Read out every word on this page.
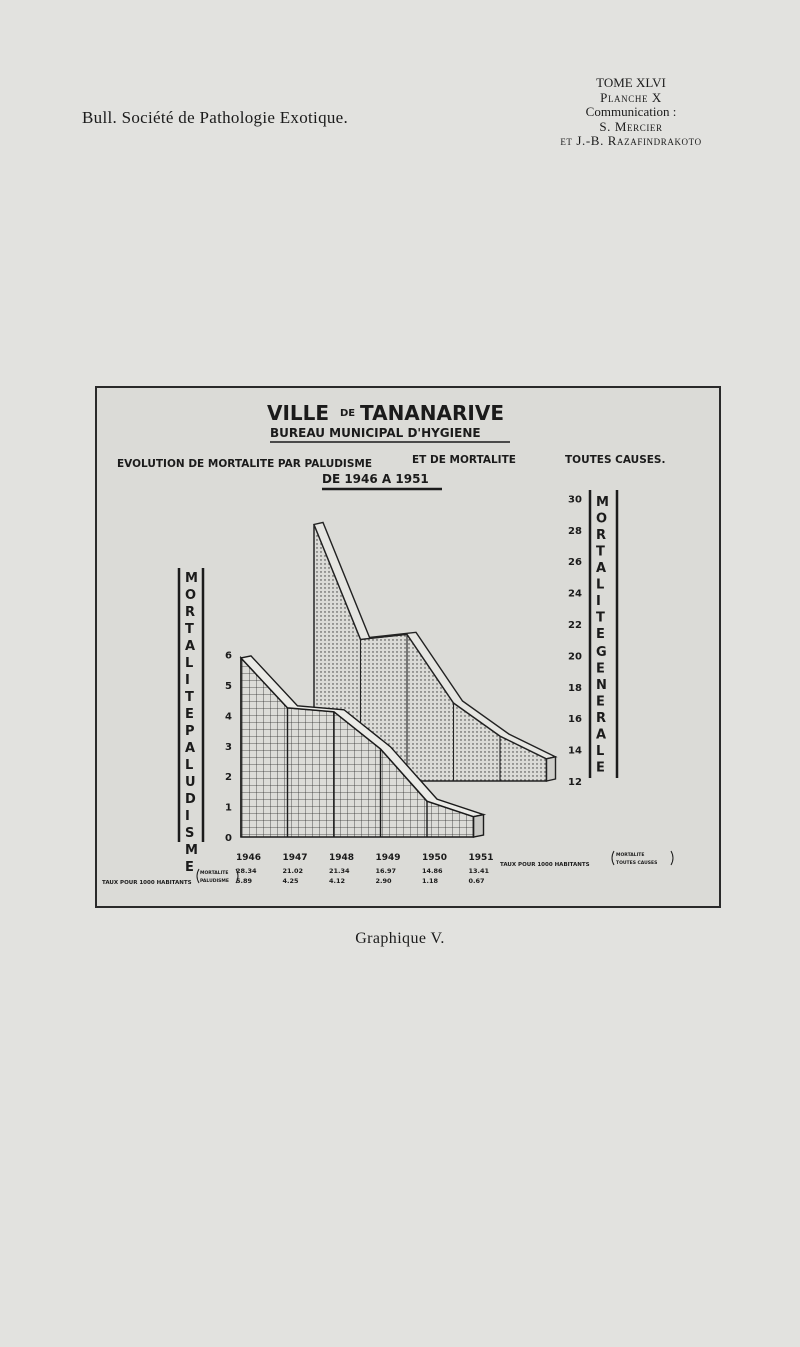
Bull. Société de Pathologie Exotique.
TOME XLVI
Planche X
Communication :
S. Mercier
et J.-B. Razafindrakoto
VILLE DE TANANARIVE
BUREAU MUNICIPAL D'HYGIENE
EVOLUTION DE MORTALITE PAR PALUDISME	ET DE MORTALITE	TOUTES CAUSES.
DE 1946 A 1951
M
O
R
T
A
L
I
T
E
P
A
L
U
D
I
S
M
E
0
1
2
3
4
5
6
12
14
16
18
20
22
24
26
28
30 M
O
R
T
A
L
I
T
E
G
E
N
E
R
A
L
E
1946
28.34
5.89
1947
21.02
4.25
1948
21.34
4.12
1949
16.97
2.90
1950
14.86
1.18
1951
13.41
0.67
TAUX POUR 1000 HABITANTS
MORTALITE
PALUDISME
TAUX POUR 1000 HABITANTS
MORTALITE
TOUTES CAUSES
Graphique V.
